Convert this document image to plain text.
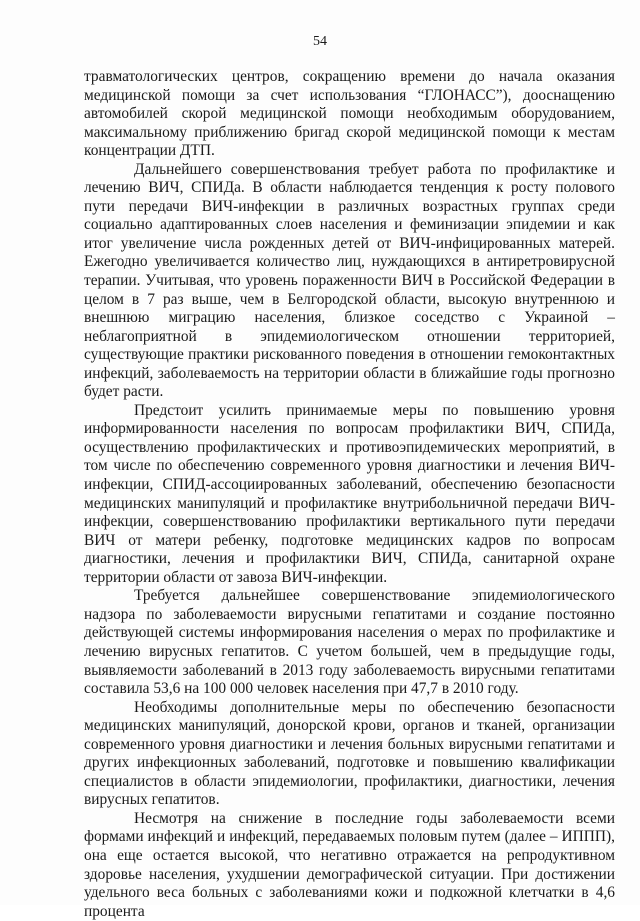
54

травматологических центров, сокращению времени до начала оказания медицинской помощи за счет использования “ГЛОНАСС”), дооснащению автомобилей скорой медицинской помощи необходимым оборудованием, максимальному приближению бригад скорой медицинской помощи к местам концентрации ДТП.

Дальнейшего совершенствования требует работа по профилактике и лечению ВИЧ, СПИДа. В области наблюдается тенденция к росту полового пути передачи ВИЧ-инфекции в различных возрастных группах среди социально адаптированных слоев населения и феминизации эпидемии и как итог увеличение числа рожденных детей от ВИЧ-инфицированных матерей. Ежегодно увеличивается количество лиц, нуждающихся в антиретровирусной терапии. Учитывая, что уровень пораженности ВИЧ в Российской Федерации в целом в 7 раз выше, чем в Белгородской области, высокую внутреннюю и внешнюю миграцию населения, близкое соседство с Украиной – неблагоприятной в эпидемиологическом отношении территорией, существующие практики рискованного поведения в отношении гемоконтактных инфекций, заболеваемость на территории области в ближайшие годы прогнозно будет расти.

Предстоит усилить принимаемые меры по повышению уровня информированности населения по вопросам профилактики ВИЧ, СПИДа, осуществлению профилактических и противоэпидемических мероприятий, в том числе по обеспечению современного уровня диагностики и лечения ВИЧ-инфекции, СПИД-ассоциированных заболеваний, обеспечению безопасности медицинских манипуляций и профилактике внутрибольничной передачи ВИЧ-инфекции, совершенствованию профилактики вертикального пути передачи ВИЧ от матери ребенку, подготовке медицинских кадров по вопросам диагностики, лечения и профилактики ВИЧ, СПИДа, санитарной охране территории области от завоза ВИЧ-инфекции.

Требуется дальнейшее совершенствование эпидемиологического надзора по заболеваемости вирусными гепатитами и создание постоянно действующей системы информирования населения о мерах по профилактике и лечению вирусных гепатитов. С учетом большей, чем в предыдущие годы, выявляемости заболеваний в 2013 году заболеваемость вирусными гепатитами составила 53,6 на 100 000 человек населения при 47,7 в 2010 году.

Необходимы дополнительные меры по обеспечению безопасности медицинских манипуляций, донорской крови, органов и тканей, организации современного уровня диагностики и лечения больных вирусными гепатитами и других инфекционных заболеваний, подготовке и повышению квалификации специалистов в области эпидемиологии, профилактики, диагностики, лечения вирусных гепатитов.

Несмотря на снижение в последние годы заболеваемости всеми формами инфекций и инфекций, передаваемых половым путем (далее – ИППП), она еще остается высокой, что негативно отражается на репродуктивном здоровье населения, ухудшении демографической ситуации. При достижении удельного веса больных с заболеваниями кожи и подкожной клетчатки в 4,6 процента
